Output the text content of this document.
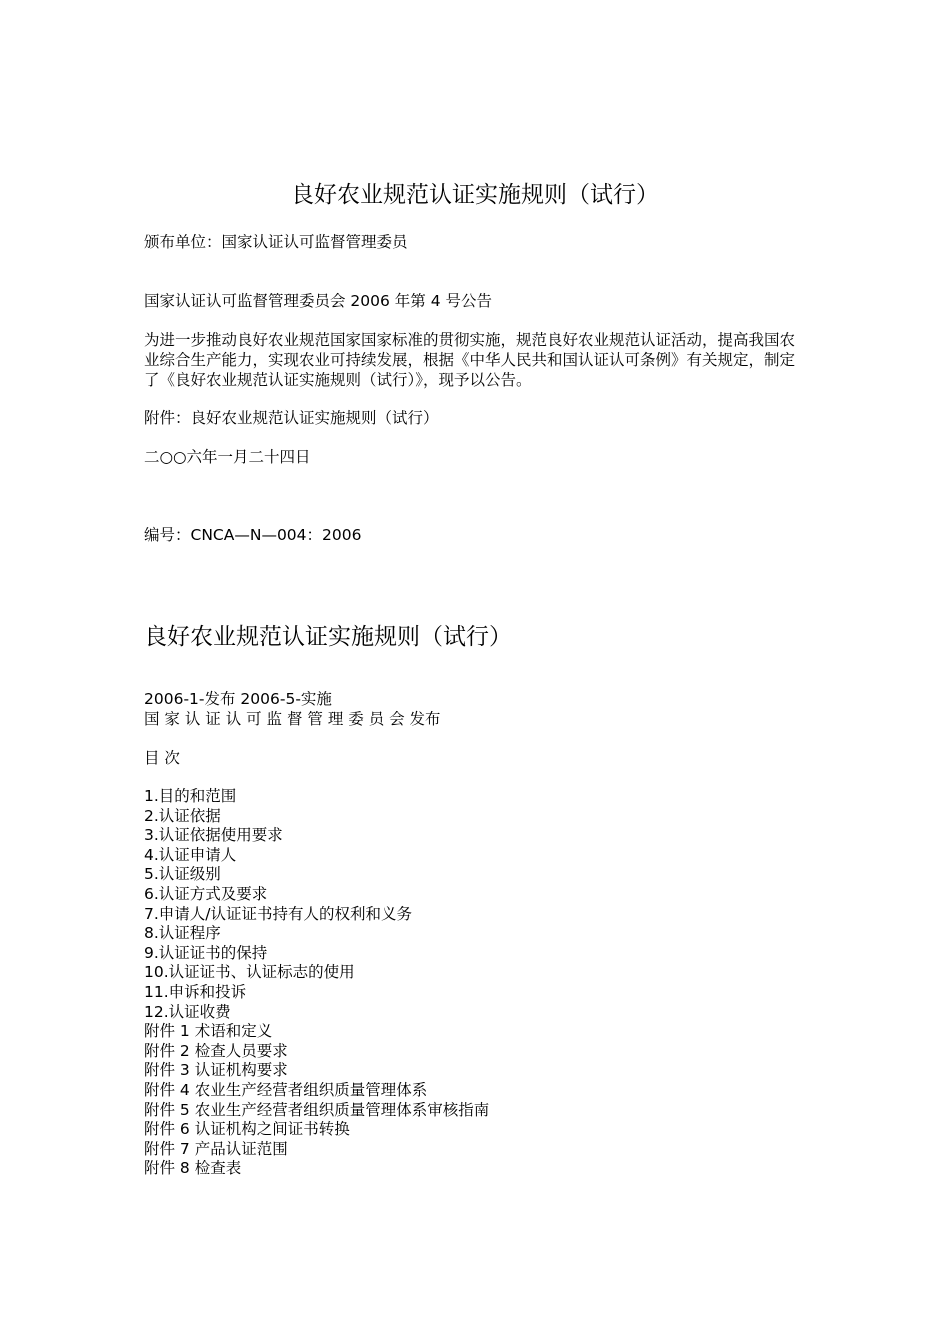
良好农业规范认证实施规则（试行）
颁布单位：国家认证认可监督管理委员
国家认证认可监督管理委员会 2006 年第 4 号公告
为进一步推动良好农业规范国家国家标准的贯彻实施，规范良好农业规范认证活动，提高我国农业综合生产能力，实现农业可持续发展，根据《中华人民共和国认证认可条例》有关规定，制定了《良好农业规范认证实施规则（试行）》，现予以公告。
附件：良好农业规范认证实施规则（试行）
二○○六年一月二十四日
编号：CNCA—N—004：2006
良好农业规范认证实施规则（试行）
2006-1-发布 2006-5-实施
国 家 认 证 认 可 监 督 管 理 委 员 会 发布
目 次
1.目的和范围
2.认证依据
3.认证依据使用要求
4.认证申请人
5.认证级别
6.认证方式及要求
7.申请人/认证证书持有人的权利和义务
8.认证程序
9.认证证书的保持
10.认证证书、认证标志的使用
11.申诉和投诉
12.认证收费
附件 1 术语和定义
附件 2 检查人员要求
附件 3 认证机构要求
附件 4 农业生产经营者组织质量管理体系
附件 5 农业生产经营者组织质量管理体系审核指南
附件 6 认证机构之间证书转换
附件 7 产品认证范围
附件 8 检查表
